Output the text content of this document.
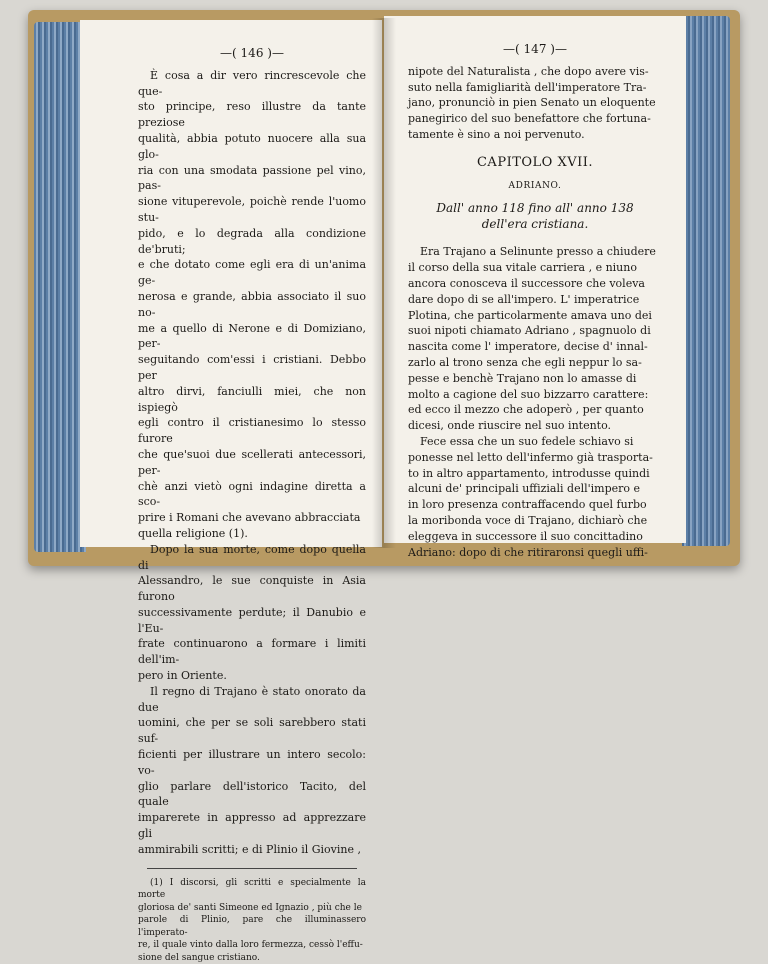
—( 146 )—

È cosa a dir vero rincrescevole che que-

sto principe, reso illustre da tante preziose

qualità, abbia potuto nuocere alla sua glo-

ria con una smodata passione pel vino, pas-

sione vituperevole, poichè rende l'uomo stu-

pido, e lo degrada alla condizione de'bruti;

e che dotato come egli era di un'anima ge-

nerosa e grande, abbia associato il suo no-

me a quello di Nerone e di Domiziano, per-

seguitando com'essi i cristiani. Debbo per

altro dirvi, fanciulli miei, che non ispiegò

egli contro il cristianesimo lo stesso furore

che que'suoi due scellerati antecessori, per-

chè anzi vietò ogni indagine diretta a sco-

prire i Romani che avevano abbracciata

quella religione (1).

Dopo la sua morte, come dopo quella di

Alessandro, le sue conquiste in Asia furono

successivamente perdute; il Danubio e l'Eu-

frate continuarono a formare i limiti dell'im-

pero in Oriente.

Il regno di Trajano è stato onorato da due

uomini, che per se soli sarebbero stati suf-

ficienti per illustrare un intero secolo: vo-

glio parlare dell'istorico Tacito, del quale

imparerete in appresso ad apprezzare gli

ammirabili scritti; e di Plinio il Giovine ,

(1) I discorsi, gli scritti e specialmente la morte

gloriosa de' santi Simeone ed Ignazio , più che le

parole di Plinio, pare che illuminassero l'imperato-

re, il quale vinto dalla loro fermezza, cessò l'effu-

sione del sangue cristiano.

—( 147 )—

nipote del Naturalista , che dopo avere vis-

suto nella famigliarità dell'imperatore Tra-

jano, pronunciò in pien Senato un eloquente

panegirico del suo benefattore che fortuna-

tamente è sino a noi pervenuto.

CAPITOLO XVII.
ADRIANO.
Dall' anno 118 fino all' anno 138
dell'era cristiana.

Era Trajano a Selinunte presso a chiudere

il corso della sua vitale carriera , e niuno

ancora conosceva il successore che voleva

dare dopo di se all'impero. L' imperatrice

Plotina, che particolarmente amava uno dei

suoi nipoti chiamato Adriano , spagnuolo di

nascita come l' imperatore, decise d' innal-

zarlo al trono senza che egli neppur lo sa-

pesse e benchè Trajano non lo amasse di

molto a cagione del suo bizzarro carattere:

ed ecco il mezzo che adoperò , per quanto

dicesi, onde riuscire nel suo intento.

Fece essa che un suo fedele schiavo si

ponesse nel letto dell'infermo già trasporta-

to in altro appartamento, introdusse quindi

alcuni de' principali uffiziali dell'impero e

in loro presenza contraffacendo quel furbo

la moribonda voce di Trajano, dichiarò che

eleggeva in successore il suo concittadino

Adriano: dopo di che ritiraronsi quegli uffi-
